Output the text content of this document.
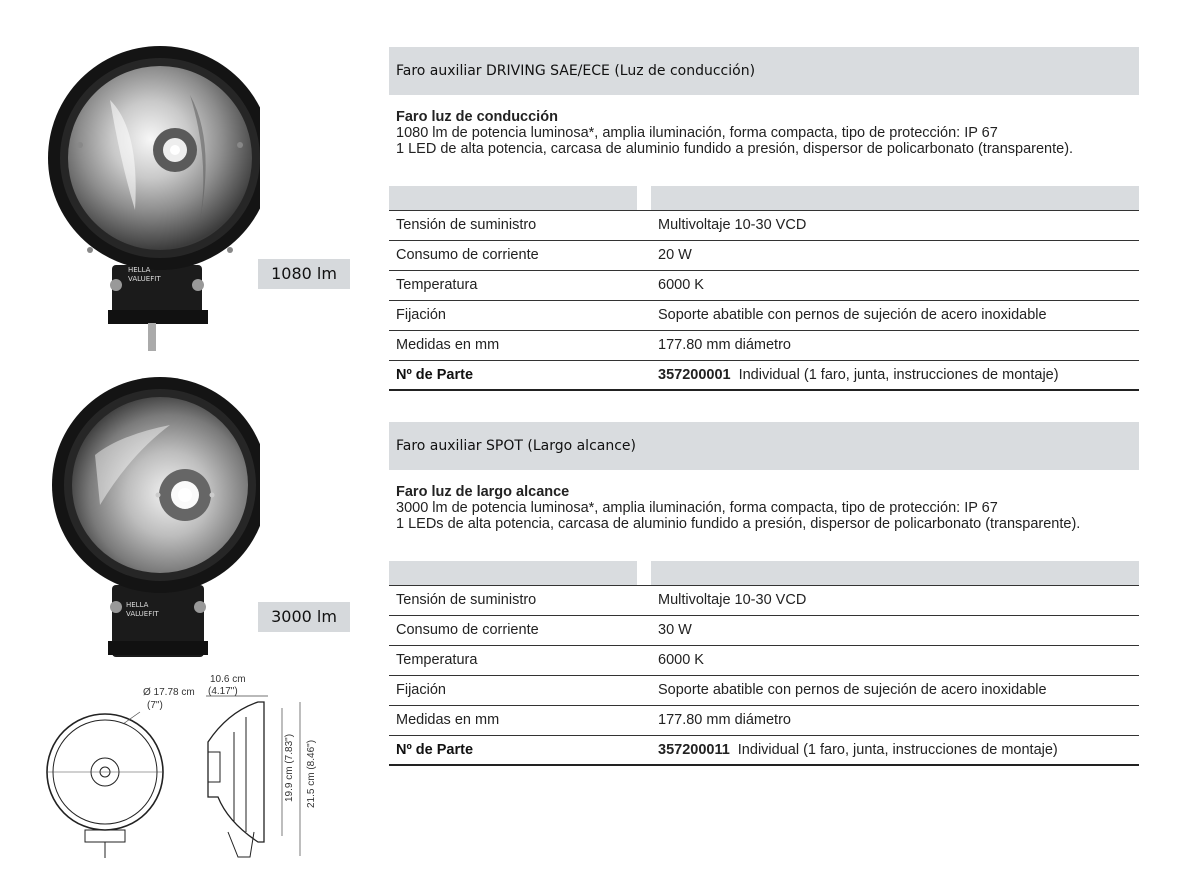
HELLA
VALUEFIT	1080 lm
HELLA
VALUEFIT	3000 lm
Ø 17.78 cm
(7")
10.6 cm
(4.17")
19.9 cm (7.83") 21.5 cm (8.46")
Faro auxiliar DRIVING SAE/ECE (Luz de conducción)
Faro luz de conducción
1080 lm de potencia luminosa*, amplia iluminación, forma compacta, tipo de protección: IP 67
1 LED de alta potencia, carcasa de aluminio fundido a presión, dispersor de policarbonato (transparente).
Tensión de suministro	Multivoltaje 10-30 VCD
Consumo de corriente	20 W
Temperatura	6000 K
Fijación	Soporte abatible con pernos de sujeción de acero inoxidable
Medidas en mm	177.80 mm diámetro
Nº de Parte	357200001 Individual (1 faro, junta, instrucciones de montaje)
Faro auxiliar SPOT (Largo alcance)
Faro luz de largo alcance
3000 lm de potencia luminosa*, amplia iluminación, forma compacta, tipo de protección: IP 67
1 LEDs de alta potencia, carcasa de aluminio fundido a presión, dispersor de policarbonato (transparente).
Tensión de suministro	Multivoltaje 10-30 VCD
Consumo de corriente	30 W
Temperatura	6000 K
Fijación	Soporte abatible con pernos de sujeción de acero inoxidable
Medidas en mm	177.80 mm diámetro
Nº de Parte	357200011 Individual (1 faro, junta, instrucciones de montaje)
